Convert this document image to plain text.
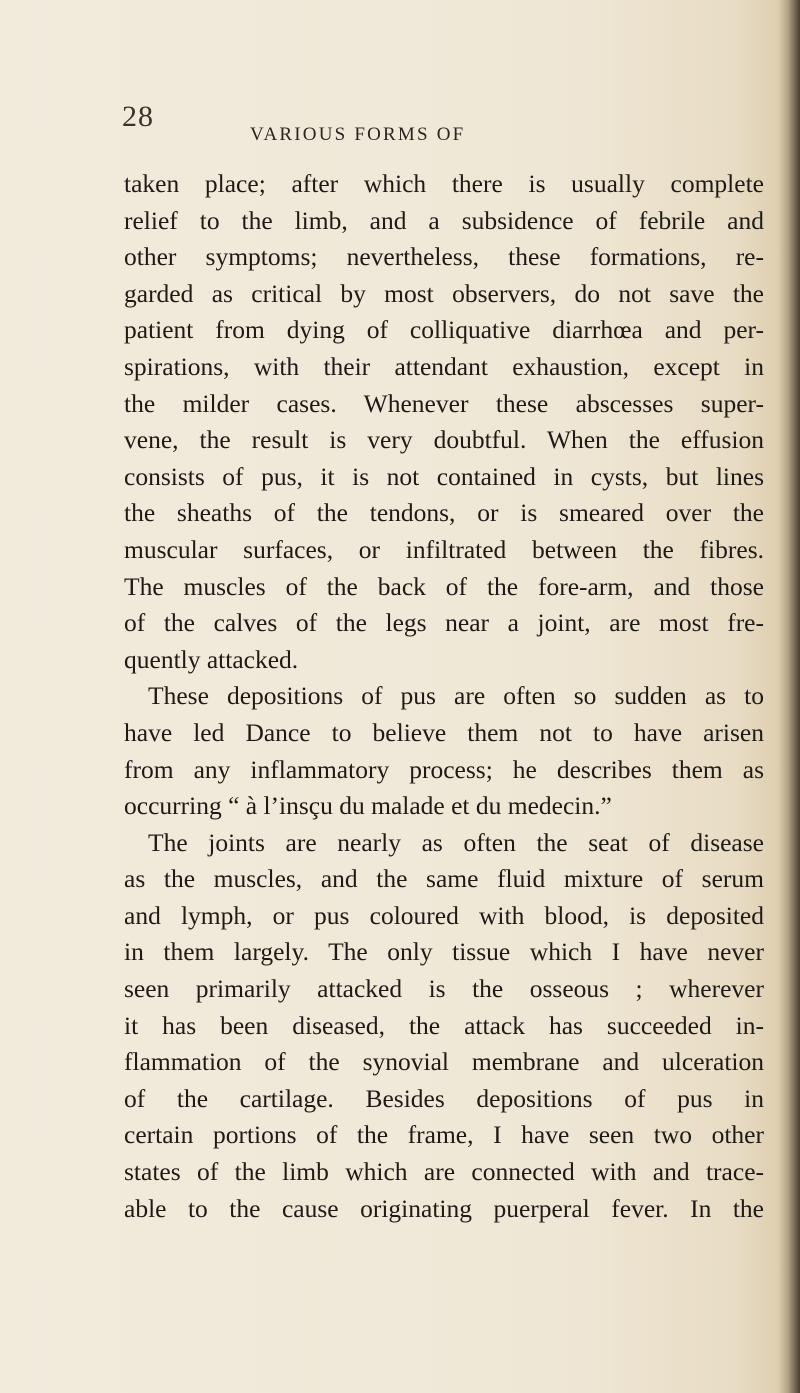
28
VARIOUS FORMS OF
taken place; after which there is usually complete
relief to the limb, and a subsidence of febrile and
other symptoms; nevertheless, these formations, re-
garded as critical by most observers, do not save the
patient from dying of colliquative diarrhœa and per-
spirations, with their attendant exhaustion, except in
the milder cases. Whenever these abscesses super-
vene, the result is very doubtful. When the effusion
consists of pus, it is not contained in cysts, but lines
the sheaths of the tendons, or is smeared over the
muscular surfaces, or infiltrated between the fibres.
The muscles of the back of the fore-arm, and those
of the calves of the legs near a joint, are most fre-
quently attacked.
These depositions of pus are often so sudden as to
have led Dance to believe them not to have arisen
from any inflammatory process; he describes them as
occurring “ à l’insçu du malade et du medecin.”
The joints are nearly as often the seat of disease
as the muscles, and the same fluid mixture of serum
and lymph, or pus coloured with blood, is deposited
in them largely. The only tissue which I have never
seen primarily attacked is the osseous ; wherever
it has been diseased, the attack has succeeded in-
flammation of the synovial membrane and ulceration
of the cartilage. Besides depositions of pus in
certain portions of the frame, I have seen two other
states of the limb which are connected with and trace-
able to the cause originating puerperal fever. In the
